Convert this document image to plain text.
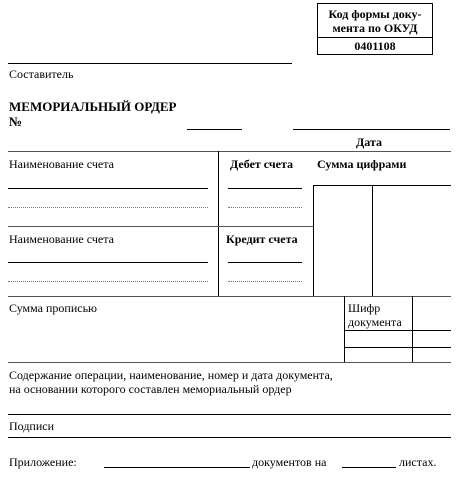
Код формы доку-
мента по ОКУД
0401108
Составитель
МЕМОРИАЛЬНЫЙ ОРДЕР
№
Дата
Наименование счета	Дебет счета Сумма цифрами
Наименование счета	Кредит счета
Сумма прописью	Шифр
документа
Содержание операции, наименование, номер и дата документа,
на основании которого составлен мемориальный ордер
Подписи
Приложение:	документов на	листах.
